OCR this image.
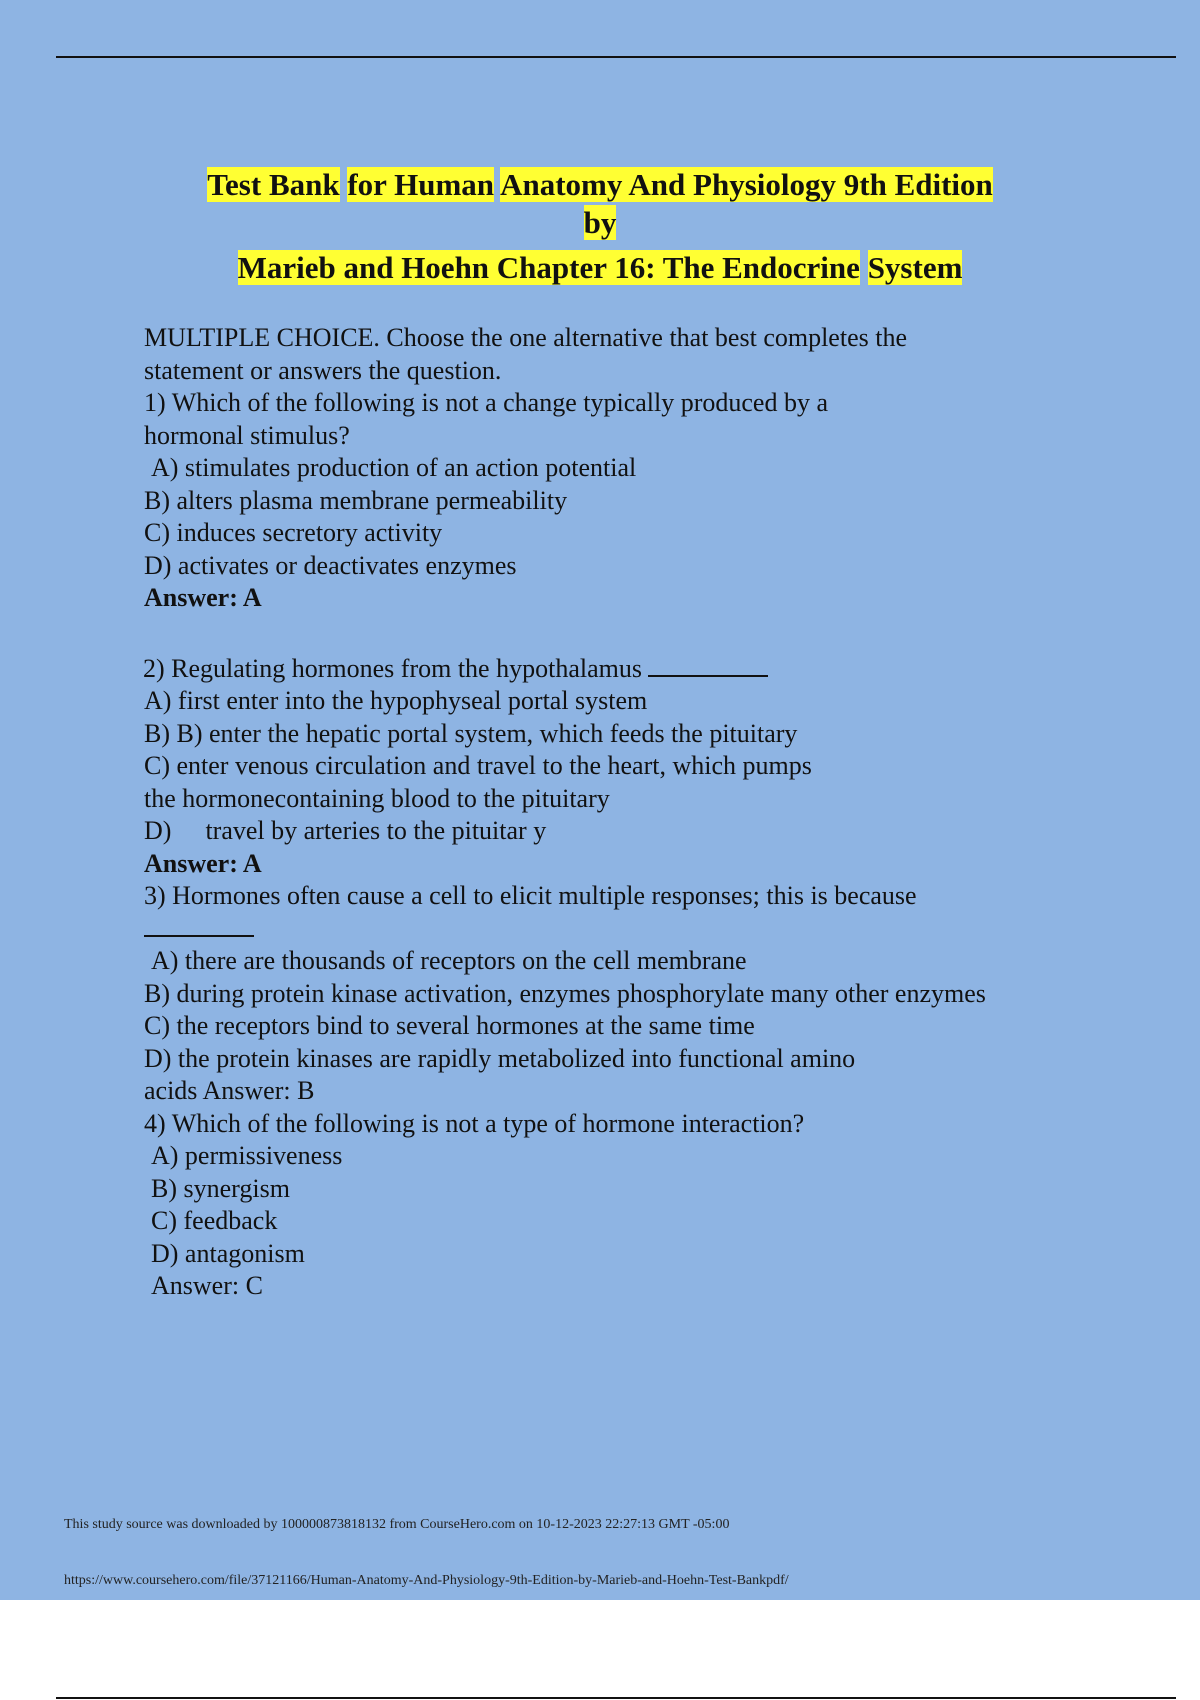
Test Bank for Human Anatomy And Physiology 9th Edition
by
Marieb and Hoehn Chapter 16: The Endocrine System
MULTIPLE CHOICE. Choose the one alternative that best completes the
statement or answers the question.
1) Which of the following is not a change typically produced by a
hormonal stimulus?
A) stimulates production of an action potential
B) alters plasma membrane permeability
C) induces secretory activity
D) activates or deactivates enzymes
Answer: A
2) Regulating hormones from the hypothalamus
A) first enter into the hypophyseal portal system
B) B) enter the hepatic portal system, which feeds the pituitary
C) enter venous circulation and travel to the heart, which pumps
the hormonecontaining blood to the pituitary
D) travel by arteries to the pituitar y
Answer: A
3) Hormones often cause a cell to elicit multiple responses; this is because
A) there are thousands of receptors on the cell membrane
B) during protein kinase activation, enzymes phosphorylate many other enzymes
C) the receptors bind to several hormones at the same time
D) the protein kinases are rapidly metabolized into functional amino
acids Answer: B
4) Which of the following is not a type of hormone interaction?
A) permissiveness
B) synergism
C) feedback
D) antagonism
Answer: C
This study source was downloaded by 100000873818132 from CourseHero.com on 10-12-2023 22:27:13 GMT -05:00
https://www.coursehero.com/file/37121166/Human-Anatomy-And-Physiology-9th-Edition-by-Marieb-and-Hoehn-Test-Bankpdf/
